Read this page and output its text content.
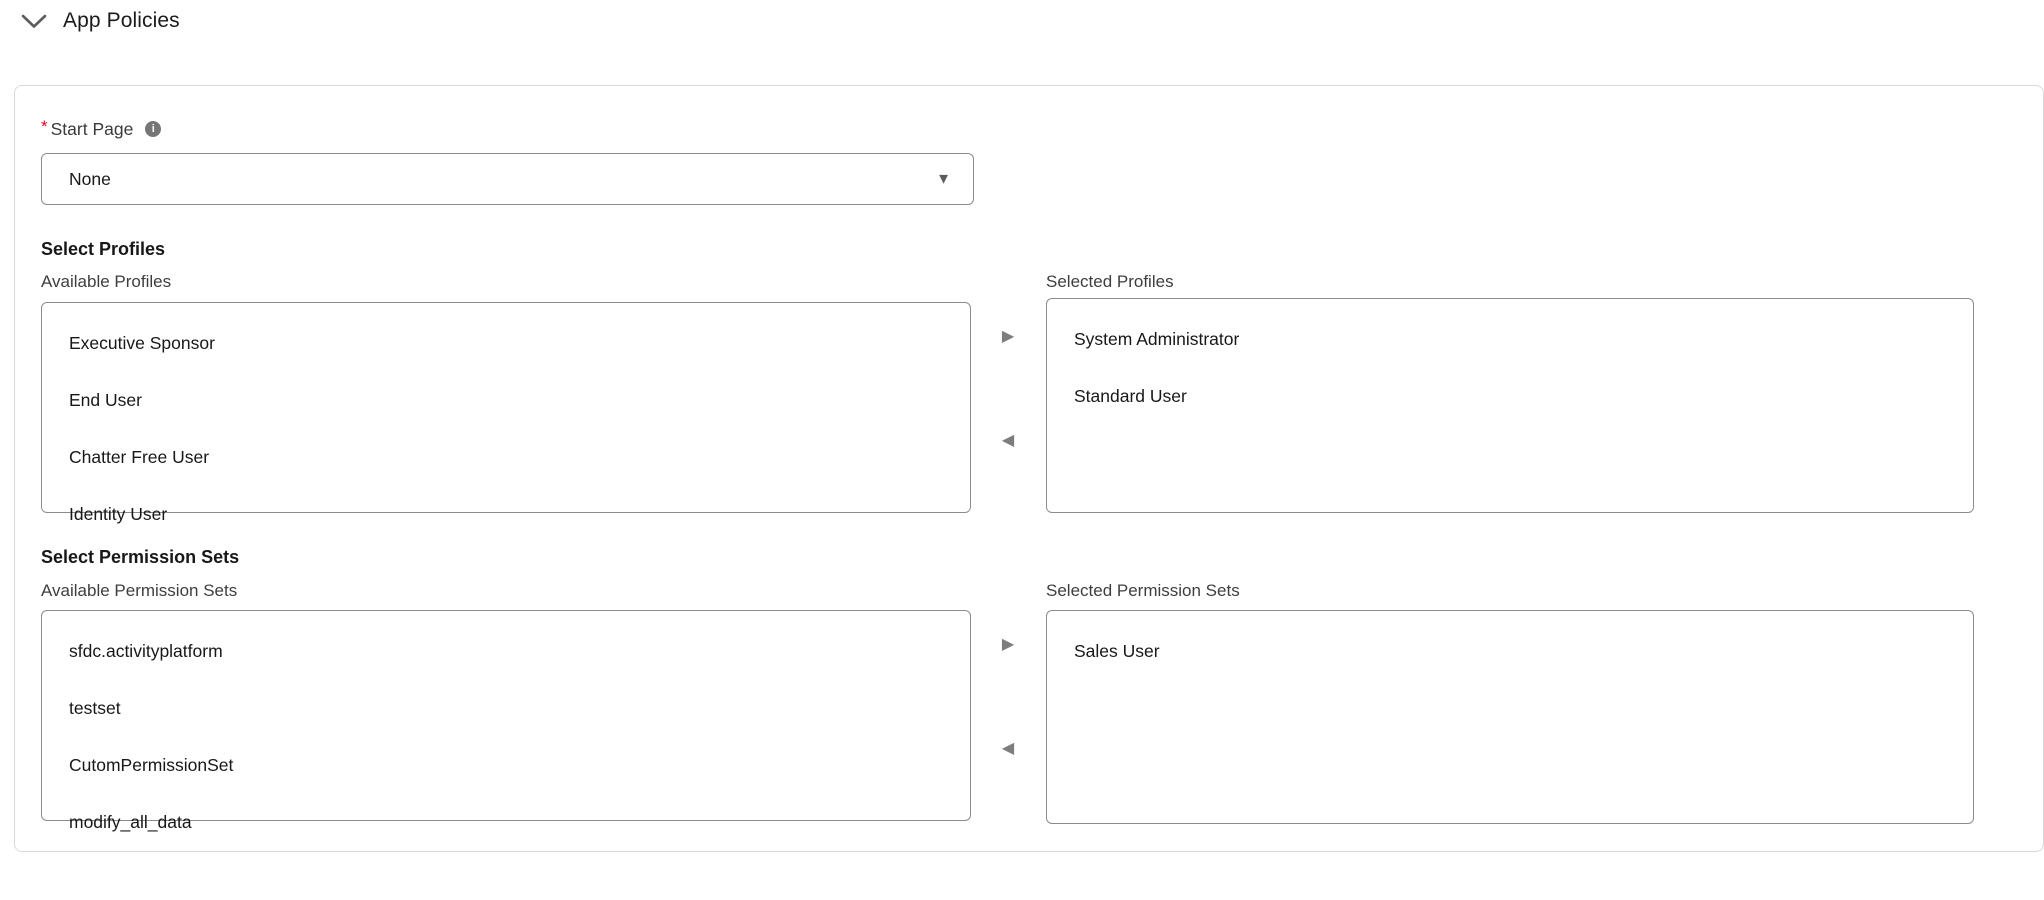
App Policies
* Start Page	i
None	▼
Select Profiles
Available Profiles	Selected Profiles
Executive Sponsor
End User
Chatter Free User
Identity User
▶
◀
System Administrator
Standard User
Select Permission Sets
Available Permission Sets	Selected Permission Sets
sfdc.activityplatform
testset
CutomPermissionSet
modify_all_data
▶
◀
Sales User
